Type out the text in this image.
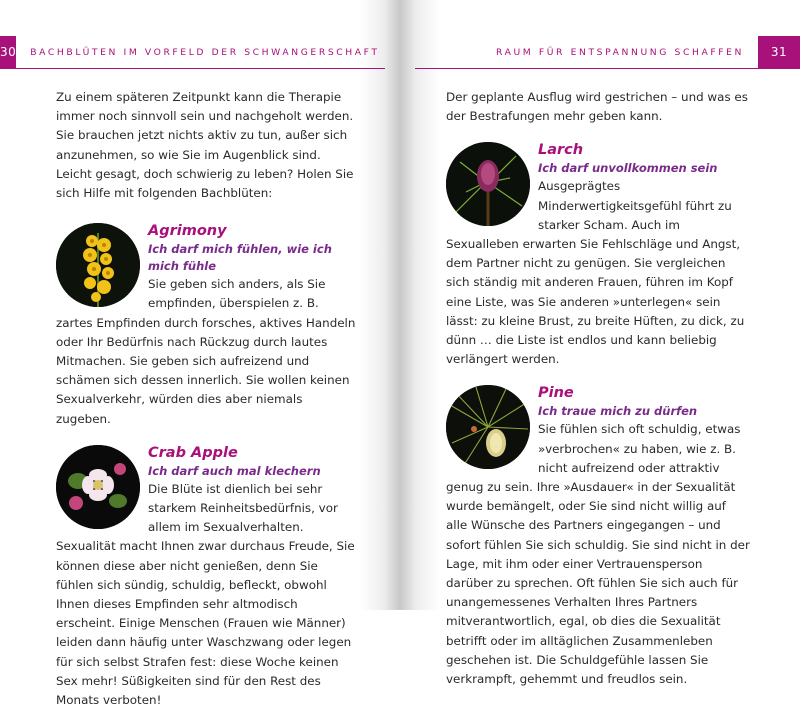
30	BACHBLÜTEN IM VORFELD DER SCHWANGERSCHAFT	RAUM FÜR ENTSPANNUNG SCHAFFEN	31

Zu einem späteren Zeitpunkt kann die Therapie immer noch sinnvoll sein und nachgeholt werden. Sie brauchen jetzt nichts aktiv zu tun, außer sich anzunehmen, so wie Sie im Augenblick sind. Leicht gesagt, doch schwierig zu leben? Holen Sie sich Hilfe mit folgenden Bachblüten:

Agrimony
Ich darf mich fühlen, wie ich mich fühle

Sie geben sich anders, als Sie empfinden, überspielen z. B. zartes Empfinden durch forsches, aktives Handeln oder Ihr Bedürfnis nach Rückzug durch lautes Mitmachen. Sie geben sich aufreizend und schämen sich dessen innerlich. Sie wollen keinen Sexualverkehr, würden dies aber niemals zugeben.

Crab Apple
Ich darf auch mal klechern

Die Blüte ist dienlich bei sehr starkem Reinheitsbedürfnis, vor allem im Sexualverhalten. Sexualität macht Ihnen zwar durchaus Freude, Sie können diese aber nicht genießen, denn Sie fühlen sich sündig, schuldig, befleckt, obwohl Ihnen dieses Empfinden sehr altmodisch erscheint. Einige Menschen (Frauen wie Männer) leiden dann häufig unter Waschzwang oder legen für sich selbst Strafen fest: diese Woche keinen Sex mehr! Süßigkeiten sind für den Rest des Monats verboten!

Der geplante Ausflug wird gestrichen – und was es der Bestrafungen mehr geben kann.

Larch
Ich darf unvollkommen sein

Ausgeprägtes Minderwertigkeitsgefühl führt zu starker Scham. Auch im Sexualleben erwarten Sie Fehlschläge und Angst, dem Partner nicht zu genügen. Sie vergleichen sich ständig mit anderen Frauen, führen im Kopf eine Liste, was Sie anderen »unterlegen« sein lässt: zu kleine Brust, zu breite Hüften, zu dick, zu dünn … die Liste ist endlos und kann beliebig verlängert werden.

Pine
Ich traue mich zu dürfen

Sie fühlen sich oft schuldig, etwas »verbrochen« zu haben, wie z. B. nicht aufreizend oder attraktiv genug zu sein. Ihre »Ausdauer« in der Sexualität wurde bemängelt, oder Sie sind nicht willig auf alle Wünsche des Partners eingegangen – und sofort fühlen Sie sich schuldig. Sie sind nicht in der Lage, mit ihm oder einer Vertrauensperson darüber zu sprechen. Oft fühlen Sie sich auch für unangemessenes Verhalten Ihres Partners mitverantwortlich, egal, ob dies die Sexualität betrifft oder im alltäglichen Zusammenleben geschehen ist. Die Schuldgefühle lassen Sie verkrampft, gehemmt und freudlos sein.
